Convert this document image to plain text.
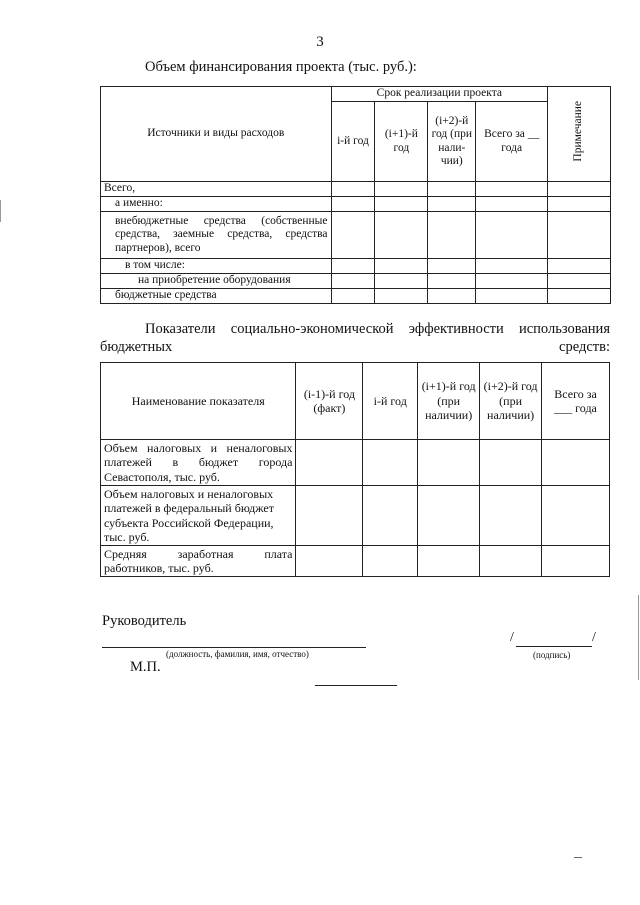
3
Объем финансирования проекта (тыс. руб.):
Источники и виды расходов	Срок реализации проекта				Примечание
	i-й год	(i+1)-й год	(i+2)-й год (при нали-чии)	Всего за __ года	
Всего,					
а именно:					
внебюджетные средства (собственные средства, заемные средства, средства партнеров), всего					
в том числе:					
на приобретение оборудования					
бюджетные средства					
Показатели социально-экономической эффективности использования бюджетных средств:
Наименование показателя	(i-1)-й год (факт)	i-й год	(i+1)-й год (при наличии)	(i+2)-й год (при наличии)	Всего за ___ года
Объем налоговых и неналоговых платежей в бюджет города Севастополя, тыс. руб.					
Объем налоговых и неналоговых платежей в федеральный бюджет субъекта Российской Федерации, тыс. руб.					
Средняя заработная плата работников, тыс. руб.					
Руководитель
(должность, фамилия, имя, отчество)
/	/
(подпись)
М.П.
